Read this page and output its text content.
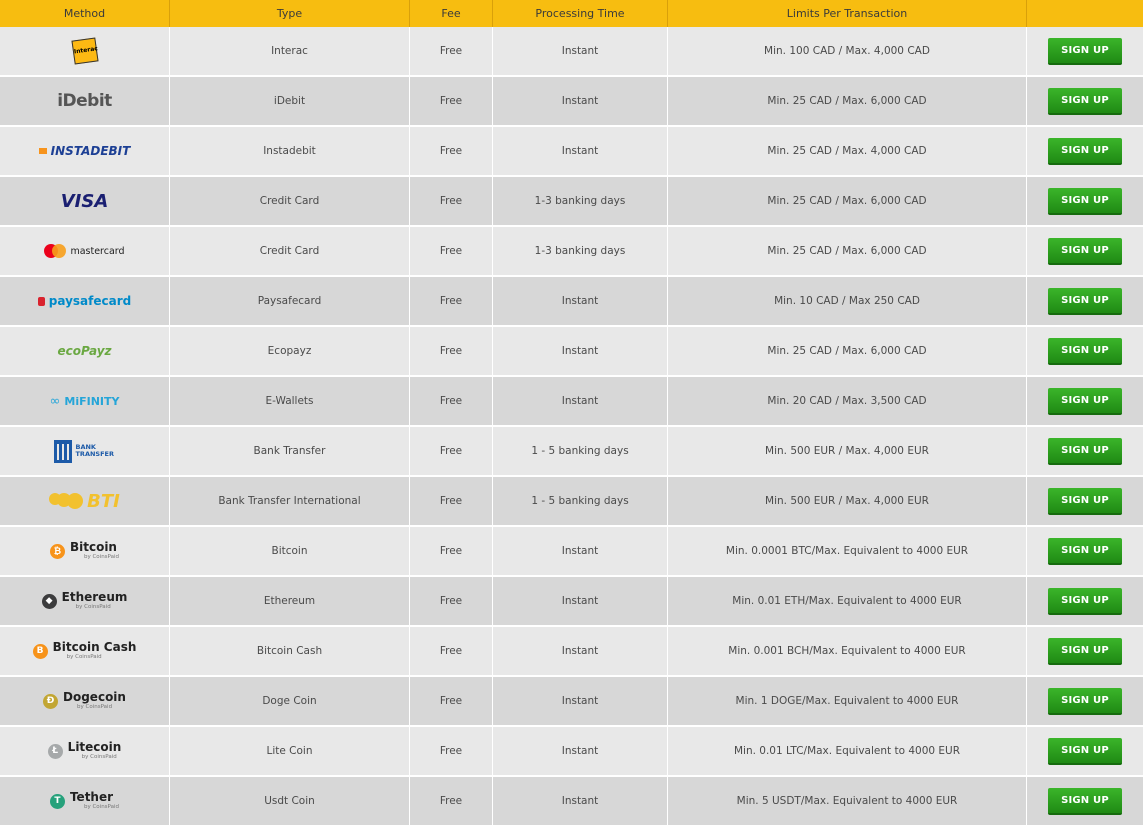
Method	Type	Fee	Processing Time	Limits Per Transaction	

Interac	Interac	Free	Instant	Min. 100 CAD / Max. 4,000 CAD	SIGN UP

iDebit	iDebit	Free	Instant	Min. 25 CAD / Max. 6,000 CAD	SIGN UP

INSTADEBIT	Instadebit	Free	Instant	Min. 25 CAD / Max. 4,000 CAD	SIGN UP

VISA	Credit Card	Free	1-3 banking days	Min. 25 CAD / Max. 6,000 CAD	SIGN UP

mastercard	Credit Card	Free	1-3 banking days	Min. 25 CAD / Max. 6,000 CAD	SIGN UP

paysafecard	Paysafecard	Free	Instant	Min. 10 CAD / Max 250 CAD	SIGN UP

ecoPayz	Ecopayz	Free	Instant	Min. 25 CAD / Max. 6,000 CAD	SIGN UP

∞ MiFINITY	E-Wallets	Free	Instant	Min. 20 CAD / Max. 3,500 CAD	SIGN UP

BANK TRANSFER	Bank Transfer	Free	1 - 5 banking days	Min. 500 EUR / Max. 4,000 EUR	SIGN UP

BTI	Bank Transfer International	Free	1 - 5 banking days	Min. 500 EUR / Max. 4,000 EUR	SIGN UP

₿ Bitcoin
by CoinsPaid	Bitcoin	Free	Instant	Min. 0.0001 BTC/Max. Equivalent to 4000 EUR	SIGN UP

◆ Ethereum
by CoinsPaid	Ethereum	Free	Instant	Min. 0.01 ETH/Max. Equivalent to 4000 EUR	SIGN UP

B Bitcoin Cash
by CoinsPaid	Bitcoin Cash	Free	Instant	Min. 0.001 BCH/Max. Equivalent to 4000 EUR	SIGN UP

Ð Dogecoin
by CoinsPaid	Doge Coin	Free	Instant	Min. 1 DOGE/Max. Equivalent to 4000 EUR	SIGN UP

Ł Litecoin
by CoinsPaid	Lite Coin	Free	Instant	Min. 0.01 LTC/Max. Equivalent to 4000 EUR	SIGN UP

T Tether
by CoinsPaid	Usdt Coin	Free	Instant	Min. 5 USDT/Max. Equivalent to 4000 EUR	SIGN UP
